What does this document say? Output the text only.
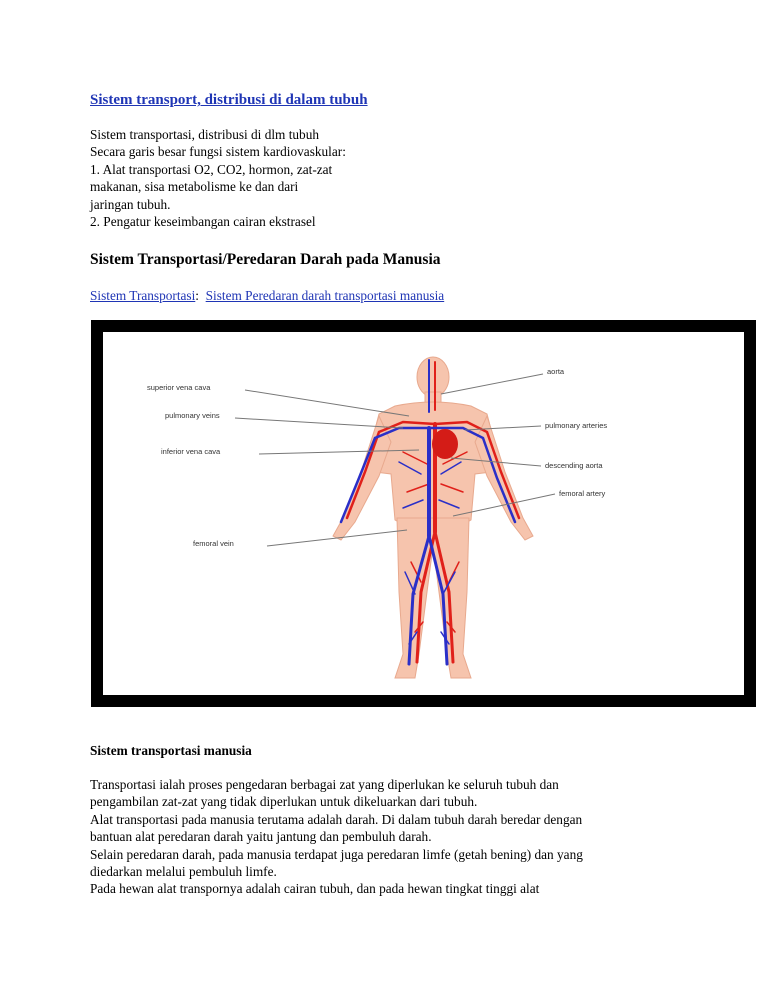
Sistem transport, distribusi di dalam tubuh
Sistem transportasi, distribusi di dlm tubuh
Secara garis besar fungsi sistem kardiovaskular:
1. Alat transportasi O2, CO2, hormon, zat-zat
makanan, sisa metabolisme ke dan dari
jaringan tubuh.
2. Pengatur keseimbangan cairan ekstrasel
Sistem Transportasi/Peredaran Darah pada Manusia
Sistem Transportasi: Sistem Peredaran darah transportasi manusia
superior vena cava
pulmonary veins
inferior vena cava
femoral vein
aorta
pulmonary arteries
descending aorta
femoral artery
Sistem transportasi manusia
Transportasi ialah proses pengedaran berbagai zat yang diperlukan ke seluruh tubuh dan
pengambilan zat-zat yang tidak diperlukan untuk dikeluarkan dari tubuh.
Alat transportasi pada manusia terutama adalah darah. Di dalam tubuh darah beredar dengan
bantuan alat peredaran darah yaitu jantung dan pembuluh darah.
Selain peredaran darah, pada manusia terdapat juga peredaran limfe (getah bening) dan yang
diedarkan melalui pembuluh limfe.
Pada hewan alat transpornya adalah cairan tubuh, dan pada hewan tingkat tinggi alat
